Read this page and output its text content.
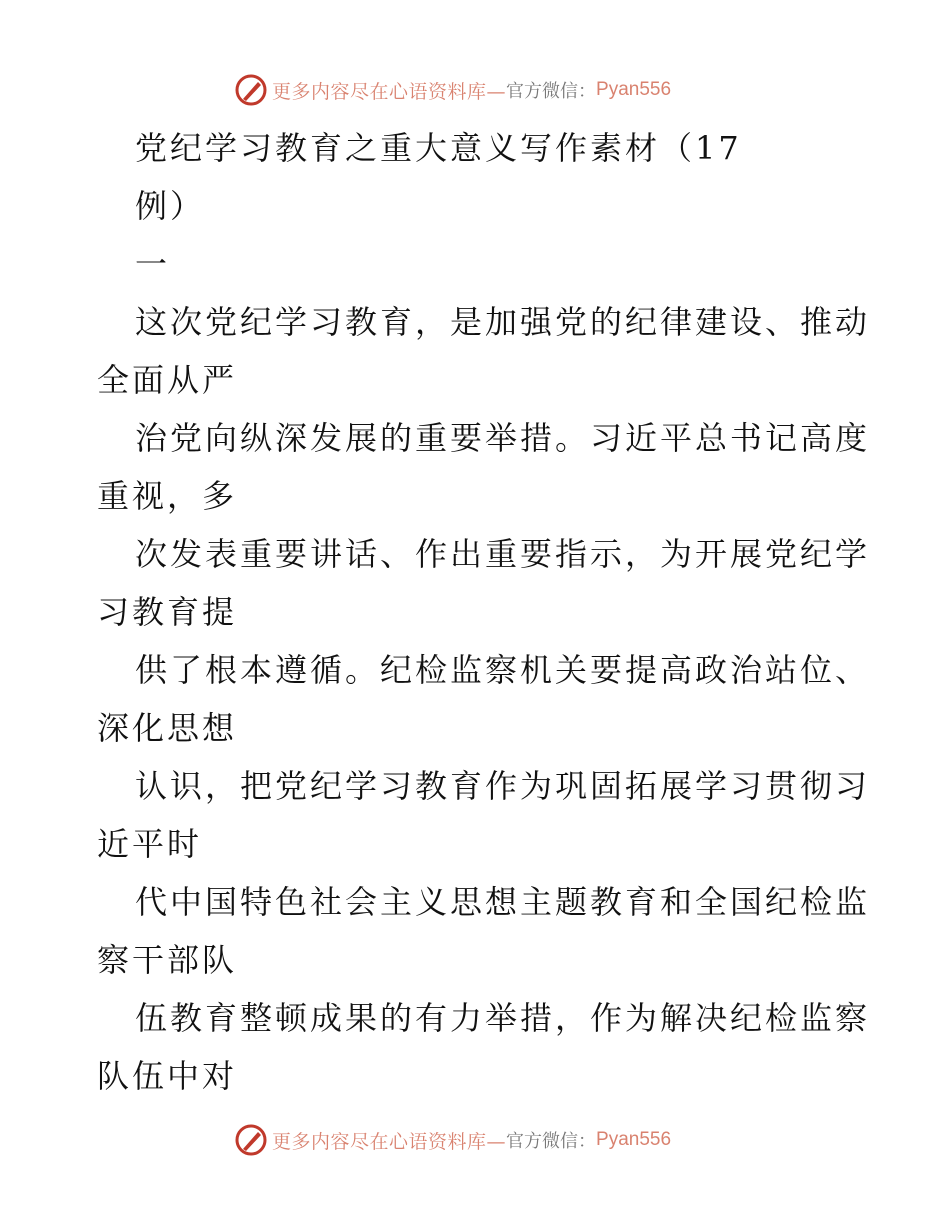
更多内容尽在心语资料库— 官方微信： Pyan556
党纪学习教育之重大意义写作素材（17
例）
一
这次党纪学习教育，是加强党的纪律建设、推动
全面从严
治党向纵深发展的重要举措。习近平总书记高度
重视，多
次发表重要讲话、作出重要指示，为开展党纪学
习教育提
供了根本遵循。纪检监察机关要提高政治站位、
深化思想
认识，把党纪学习教育作为巩固拓展学习贯彻习
近平时
代中国特色社会主义思想主题教育和全国纪检监
察干部队
伍教育整顿成果的有力举措，作为解决纪检监察
队伍中对
更多内容尽在心语资料库— 官方微信： Pyan556
